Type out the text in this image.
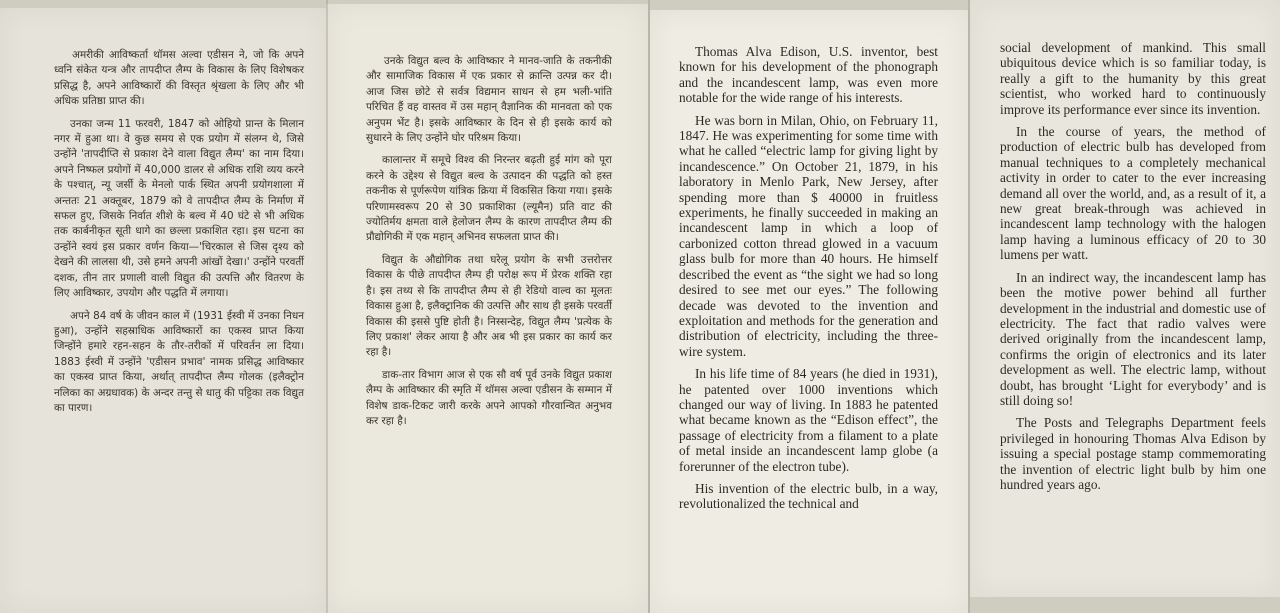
अमरीकी आविष्कर्ता थॉमस अल्वा एडीसन ने, जो कि अपने ध्वनि संकेत यन्त्र और तापदीप्त लैम्प के विकास के लिए विशेषकर प्रसिद्ध है, अपने आविष्कारों की विस्तृत श्रृंखला के लिए और भी अधिक प्रतिष्ठा प्राप्त की।

उनका जन्म 11 फरवरी, 1847 को ओहियो प्रान्त के मिलान नगर में हुआ था। वे कुछ समय से एक प्रयोग में संलग्न थे, जिसे उन्होंने 'तापदीप्ति से प्रकाश देने वाला विद्युत लैम्प' का नाम दिया। अपने निष्फल प्रयोगों में 40,000 डालर से अधिक राशि व्यय करने के पश्चात्, न्यू जर्सी के मेनलो पार्क स्थित अपनी प्रयोगशाला में अन्ततः 21 अक्तूबर, 1879 को वे तापदीप्त लैम्प के निर्माण में सफल हुए, जिसके निर्वात शीशे के बल्व में 40 घंटे से भी अधिक तक कार्बनीकृत सूती धागे का छल्ला प्रकाशित रहा। इस घटना का उन्होंने स्वयं इस प्रकार वर्णन किया—'चिरकाल से जिस दृश्य को देखने की लालसा थी, उसे हमने अपनी आंखों देखा।' उन्होंने परवर्ती दशक, तीन तार प्रणाली वाली विद्युत की उत्पत्ति और वितरण के लिए आविष्कार, उपयोग और पद्धति में लगाया।

अपने 84 वर्ष के जीवन काल में (1931 ईस्वी में उनका निधन हुआ), उन्होंने सहस्राधिक आविष्कारों का एकस्व प्राप्त किया जिन्होंने हमारे रहन-सहन के तौर-तरीकों में परिवर्तन ला दिया। 1883 ईस्वी में उन्होंने 'एडीसन प्रभाव' नामक प्रसिद्ध आविष्कार का एकस्व प्राप्त किया, अर्थात् तापदीप्त लैम्प गोलक (इलैक्ट्रोन नलिका का अग्रधावक) के अन्दर तन्तु से धातु की पट्टिका तक विद्युत का पारण।

उनके विद्युत बल्व के आविष्कार ने मानव-जाति के तकनीकी और सामाजिक विकास में एक प्रकार से क्रान्ति उत्पन्न कर दी। आज जिस छोटे से सर्वत्र विद्यमान साधन से हम भली-भांति परिचित हैं वह वास्तव में उस महान् वैज्ञानिक की मानवता को एक अनुपम भेंट है। इसके आविष्कार के दिन से ही इसके कार्य को सुधारने के लिए उन्होंने घोर परिश्रम किया।

कालान्तर में समूचे विश्व की निरन्तर बढ़ती हुई मांग को पूरा करने के उद्देश्य से विद्युत बल्व के उत्पादन की पद्धति को हस्त तकनीक से पूर्णरूपेण यांत्रिक क्रिया में विकसित किया गया। इसके परिणामस्वरूप 20 से 30 प्रकाशिका (ल्यूमैन) प्रति वाट की ज्योतिर्मय क्षमता वाले हेलोजन लैम्प के कारण तापदीप्त लैम्प की प्रौद्योगिकी में एक महान् अभिनव सफलता प्राप्त की।

विद्युत के औद्योगिक तथा घरेलू प्रयोग के सभी उत्तरोत्तर विकास के पीछे तापदीप्त लैम्प ही परोक्ष रूप में प्रेरक शक्ति रहा है। इस तथ्य से कि तापदीप्त लैम्प से ही रेडियो वाल्व का मूलतः विकास हुआ है, इलैक्ट्रानिक की उत्पत्ति और साथ ही इसके परवर्ती विकास की इससे पुष्टि होती है। निस्सन्देह, विद्युत लैम्प 'प्रत्येक के लिए प्रकाश' लेकर आया है और अब भी इस प्रकार का कार्य कर रहा है।

डाक-तार विभाग आज से एक सौ वर्ष पूर्व उनके विद्युत प्रकाश लैम्प के आविष्कार की स्मृति में थॉमस अल्वा एडीसन के सम्मान में विशेष डाक-टिकट जारी करके अपने आपको गौरवान्वित अनुभव कर रहा है।

Thomas Alva Edison, U.S. inventor, best known for his development of the phonograph and the incandescent lamp, was even more notable for the wide range of his interests.

He was born in Milan, Ohio, on February 11, 1847. He was experimenting for some time with what he called “electric lamp for giving light by incandescence.” On October 21, 1879, in his laboratory in Menlo Park, New Jersey, after spending more than $ 40000 in fruitless experiments, he finally succeeded in making an incandescent lamp in which a loop of carbonized cotton thread glowed in a vacuum glass bulb for more than 40 hours. He himself described the event as “the sight we had so long desired to see met our eyes.” The following decade was devoted to the invention and exploitation and methods for the generation and distribution of electricity, including the three-wire system.

In his life time of 84 years (he died in 1931), he patented over 1000 inventions which changed our way of living. In 1883 he patented what became known as the “Edison effect”, the passage of electricity from a filament to a plate of metal inside an incandescent lamp globe (a forerunner of the electron tube).

His invention of the electric bulb, in a way, revolutionalized the technical and

social development of mankind. This small ubiquitous device which is so familiar today, is really a gift to the humanity by this great scientist, who worked hard to continuously improve its performance ever since its invention.

In the course of years, the method of production of electric bulb has developed from manual techniques to a completely mechanical activity in order to cater to the ever increasing demand all over the world, and, as a result of it, a new great break-through was achieved in incandescent lamp technology with the halogen lamp having a luminous efficacy of 20 to 30 lumens per watt.

In an indirect way, the incandescent lamp has been the motive power behind all further development in the industrial and domestic use of electricity. The fact that radio valves were derived originally from the incandescent lamp, confirms the origin of electronics and its later development as well. The electric lamp, without doubt, has brought ‘Light for everybody’ and is still doing so!

The Posts and Telegraphs Department feels privileged in honouring Thomas Alva Edison by issuing a special postage stamp commemorating the invention of electric light bulb by him one hundred years ago.
